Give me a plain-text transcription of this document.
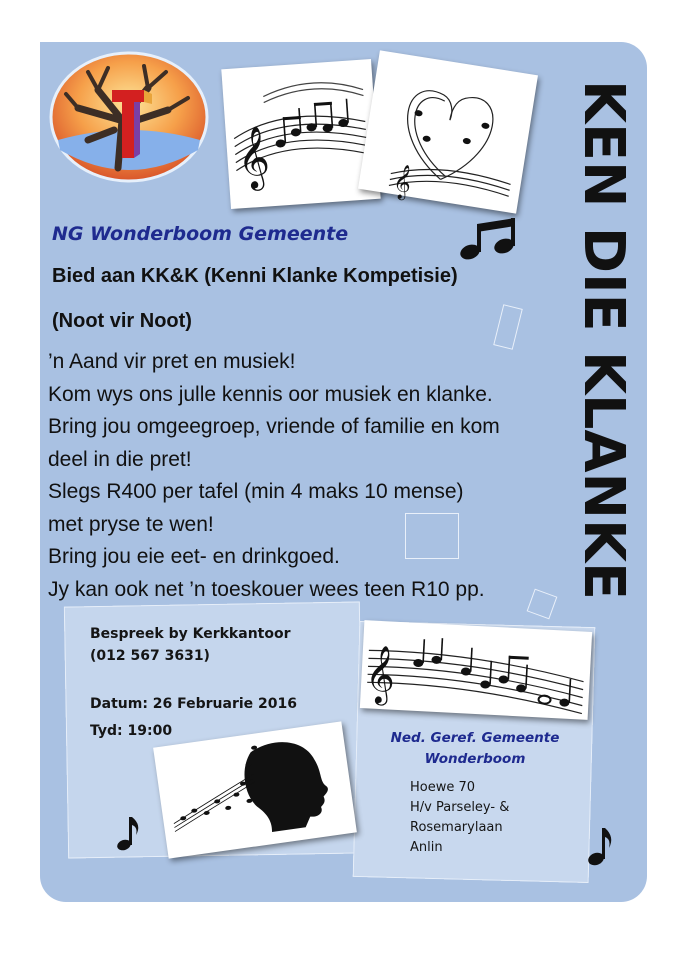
𝄞	𝄞	KEN DIE KLANKE
NG Wonderboom Gemeente
Bied aan KK&K (Kenni Klanke Kompetisie)
(Noot vir Noot)
’n Aand vir pret en musiek!
Kom wys ons julle kennis oor musiek en klanke.
Bring jou omgeegroep, vriende of familie en kom
deel in die pret!
Slegs R400 per tafel (min 4 maks 10 mense)
met pryse te wen!
Bring jou eie eet- en drinkgoed.
Jy kan ook net ’n toeskouer wees teen R10 pp.
Bespreek by Kerkkantoor
(012 567 3631)
Datum: 26 Februarie 2016
Tyd: 19:00
𝄞
Ned. Geref. Gemeente
Wonderboom
Hoewe 70
H/v Parseley- &
Rosemarylaan
Anlin
